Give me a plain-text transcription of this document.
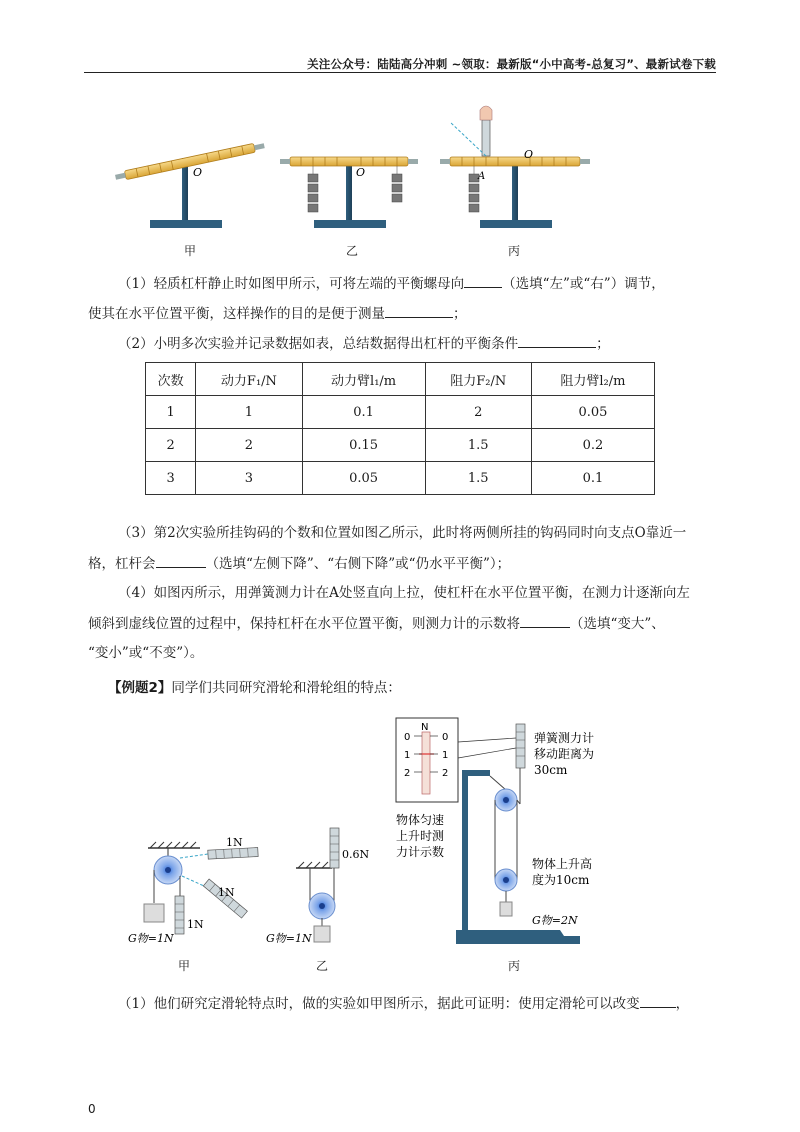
关注公众号：陆陆高分冲刺 ~领取：最新版“小中高考-总复习”、最新试卷下载
O	O
O
A
甲	乙	丙
（1）轻质杠杆静止时如图甲所示，可将左端的平衡螺母向	（选填“左”或“右”）调节，
使其在水平位置平衡，这样操作的目的是便于测量	；
（2）小明多次实验并记录数据如表，总结数据得出杠杆的平衡条件	；
次数	动力F₁/N	动力臂l₁/m	阻力F₂/N	阻力臂l₂/m
1	1	0.1	2	0.05
2	2	0.15	1.5	0.2
3	3	0.05	1.5	0.1
（3）第2次实验所挂钩码的个数和位置如图乙所示，此时将两侧所挂的钩码同时向支点O靠近一
格，杠杆会	（选填“左侧下降”、“右侧下降”或“仍水平平衡”）；
（4）如图丙所示，用弹簧测力计在A处竖直向上拉，使杠杆在水平位置平衡，在测力计逐渐向左
倾斜到虚线位置的过程中，保持杠杆在水平位置平衡，则测力计的示数将	（选填“变大”、
“变小”或“不变”）。
【例题2】同学们共同研究滑轮和滑轮组的特点：
1N
1N
1N
G物=1N
0.6N
G物=1N
N
0
1
2
0
1
2
弹簧测力计
移动距离为
30cm
物体匀速
上升时测
力计示数
物体上升高
度为10cm
G物=2N
甲	乙	丙
（1）他们研究定滑轮特点时，做的实验如甲图所示，据此可证明：使用定滑轮可以改变	，
0
